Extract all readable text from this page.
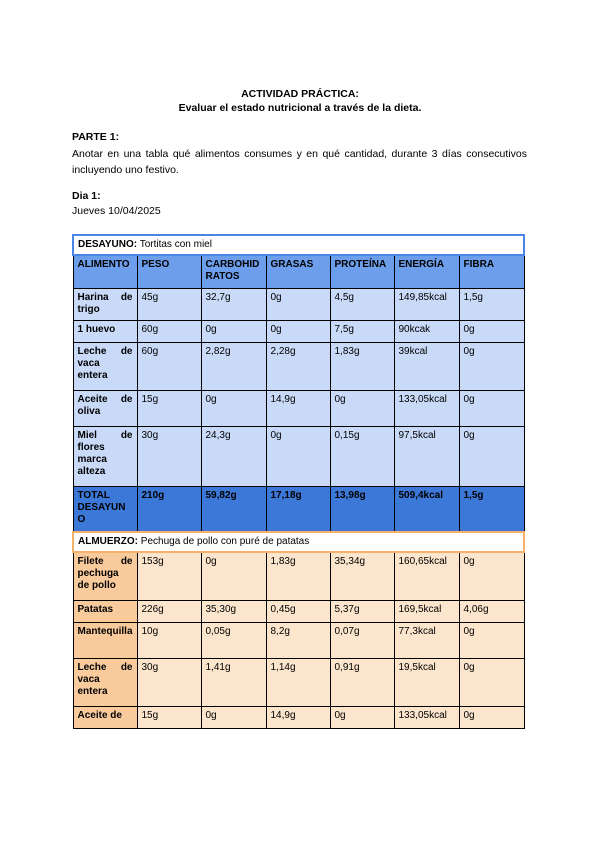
ACTIVIDAD PRÁCTICA:
Evaluar el estado nutricional a través de la dieta.
PARTE 1:
Anotar en una tabla qué alimentos consumes y en qué cantidad, durante 3 días consecutivos incluyendo uno festivo.
Dia 1:
Jueves 10/04/2025
DESAYUNO: Tortitas con miel						
ALIMENTO	PESO	CARBOHIDRATOS	GRASAS	PROTEÍNA	ENERGÍA	FIBRA
Harina de trigo	45g	32,7g	0g	4,5g	149,85kcal	1,5g
1 huevo	60g	0g	0g	7,5g	90kcak	0g
Leche de vaca entera	60g	2,82g	2,28g	1,83g	39kcal	0g
Aceite de oliva	15g	0g	14,9g	0g	133,05kcal	0g
Miel de flores marca alteza	30g	24,3g	0g	0,15g	97,5kcal	0g
TOTAL DESAYUNO	210g	59,82g	17,18g	13,98g	509,4kcal	1,5g
ALMUERZO: Pechuga de pollo con puré de patatas						
Filete de pechuga de pollo	153g	0g	1,83g	35,34g	160,65kcal	0g
Patatas	226g	35,30g	0,45g	5,37g	169,5kcal	4,06g
Mantequilla	10g	0,05g	8,2g	0,07g	77,3kcal	0g
Leche de vaca entera	30g	1,41g	1,14g	0,91g	19,5kcal	0g
Aceite de	15g	0g	14,9g	0g	133,05kcal	0g
